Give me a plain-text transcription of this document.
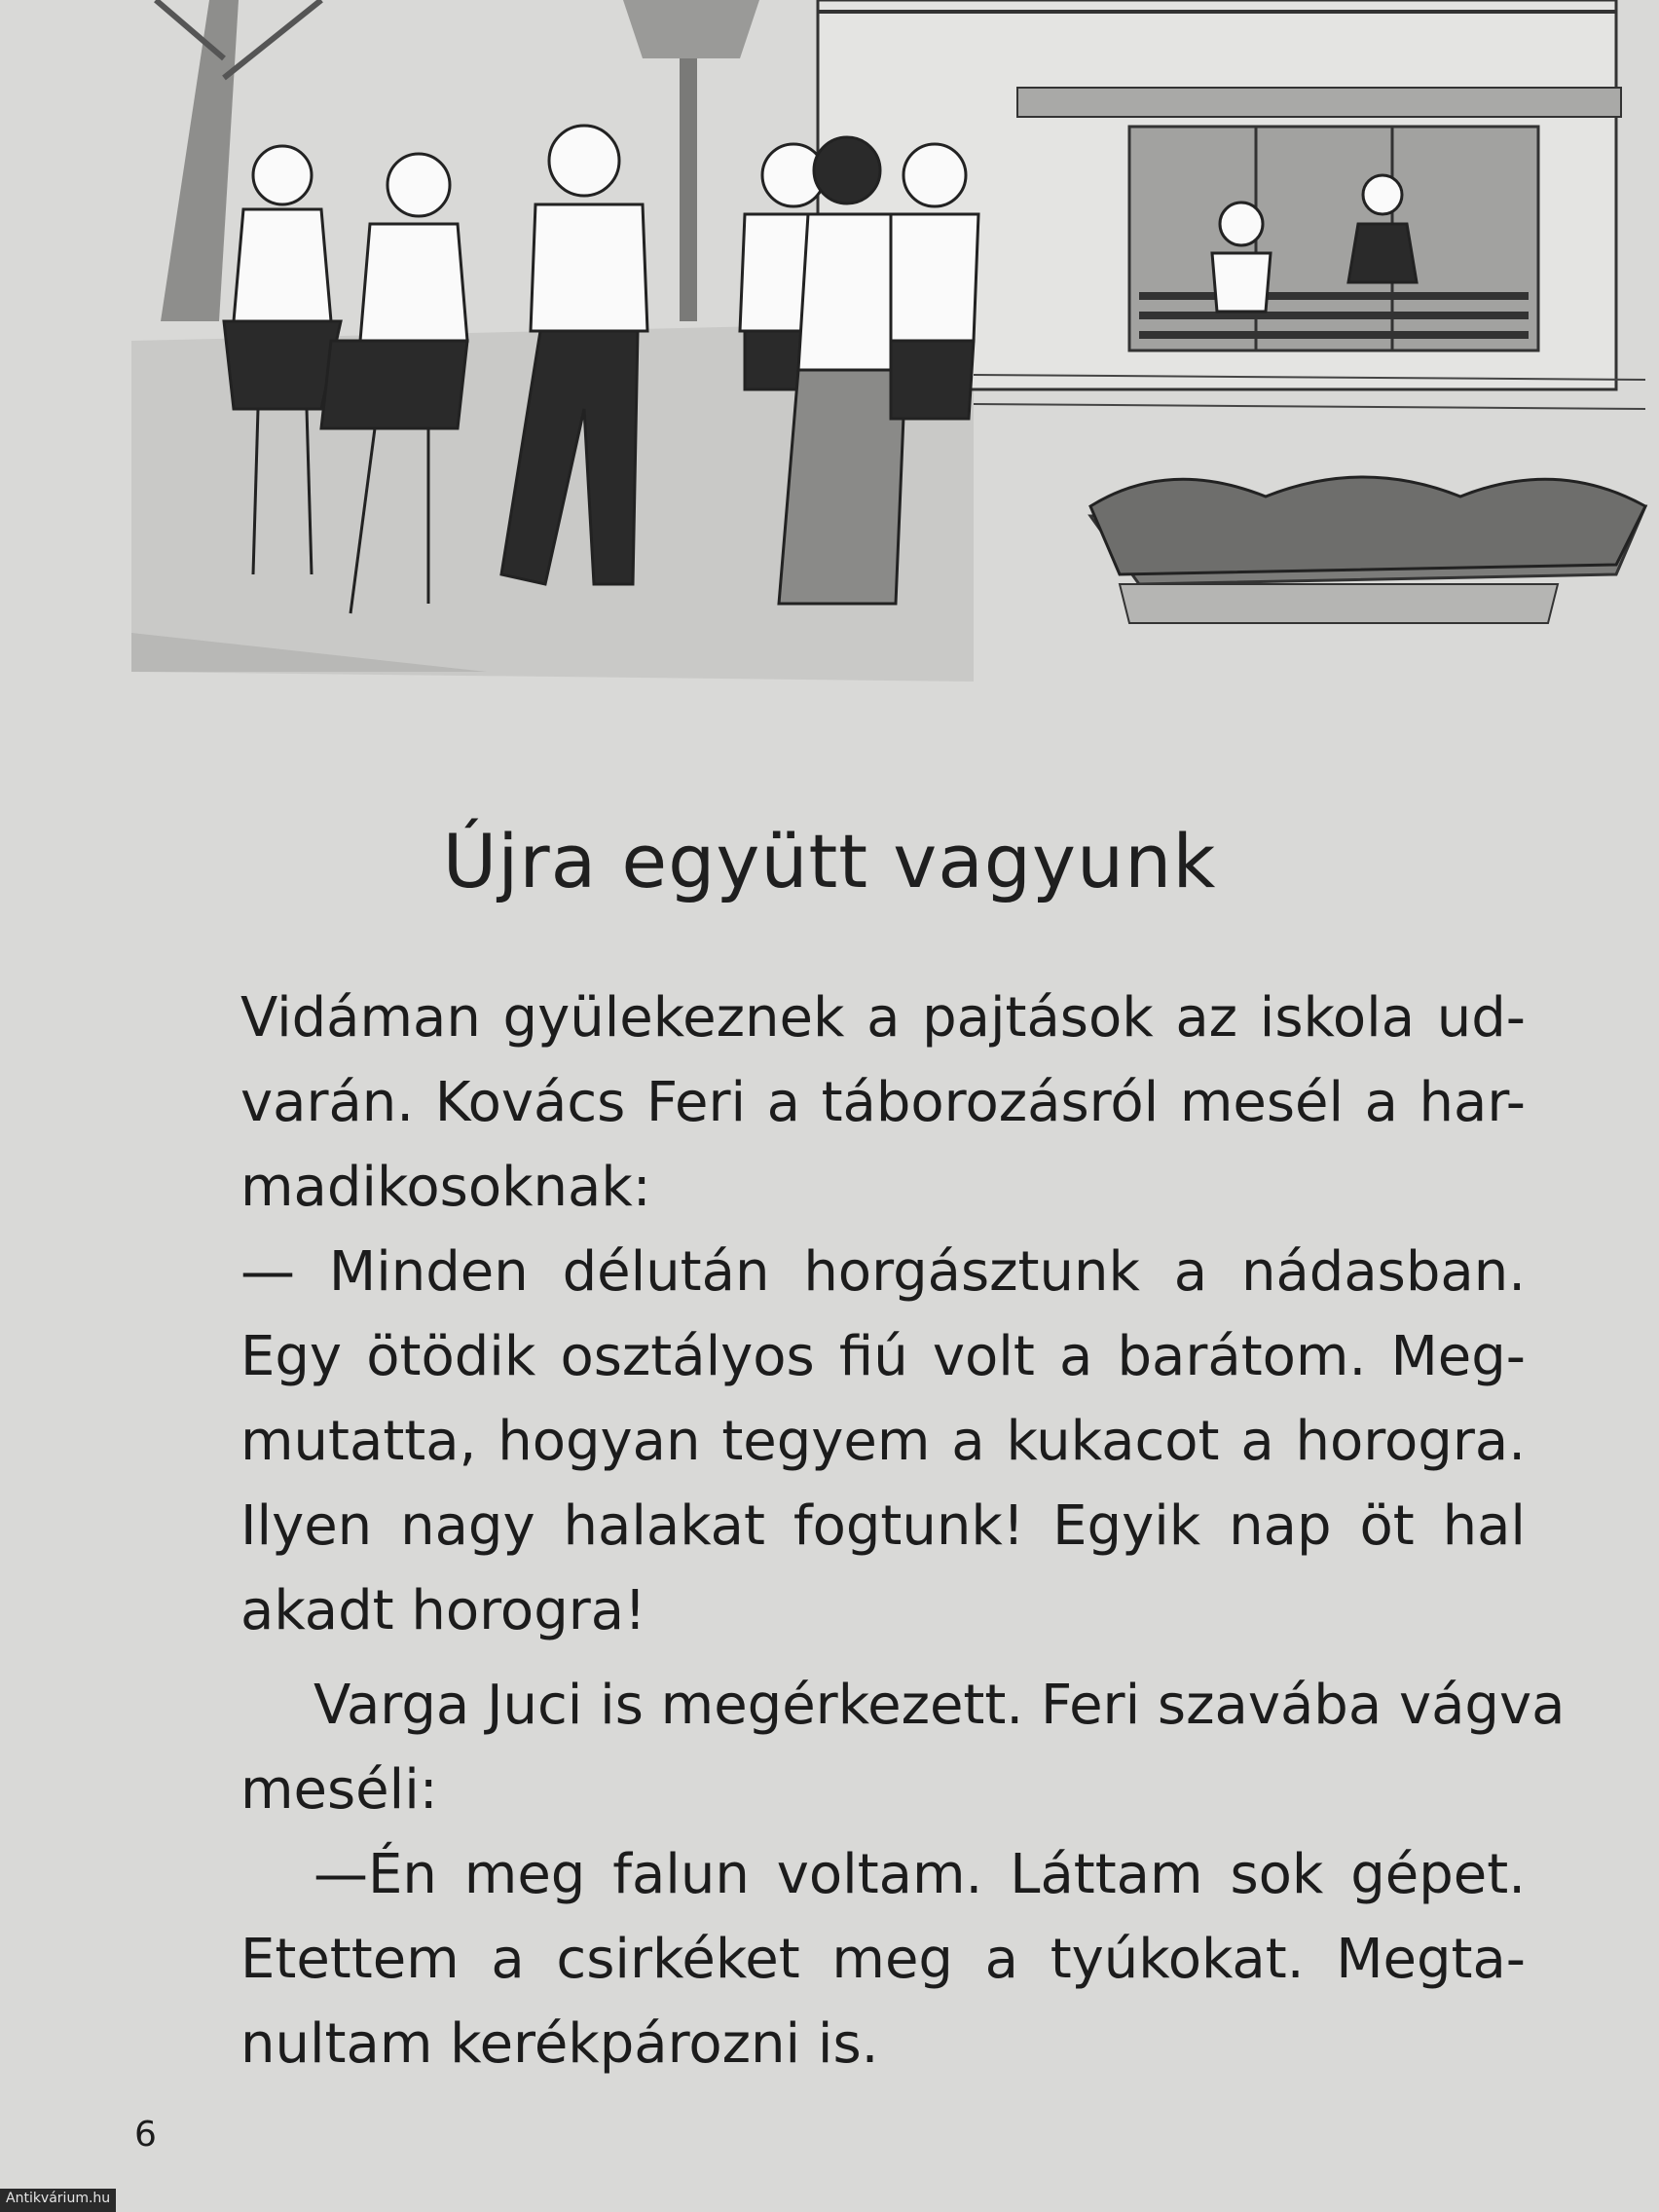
Újra együtt vagyunk
Vidáman gyülekeznek a pajtások az iskola ud-
varán. Kovács Feri a táborozásról mesél a har-
madikosoknak:
— Minden délután horgásztunk a nádasban.
Egy ötödik osztályos fiú volt a barátom. Meg-
mutatta, hogyan tegyem a kukacot a horogra.
Ilyen nagy halakat fogtunk! Egyik nap öt hal
akadt horogra!
Varga Juci is megérkezett. Feri szavába vágva
meséli:
—Én meg falun voltam. Láttam sok gépet.
Etettem a csirkéket meg a tyúkokat. Megta-
nultam kerékpározni is.
6
Antikvárium.hu
